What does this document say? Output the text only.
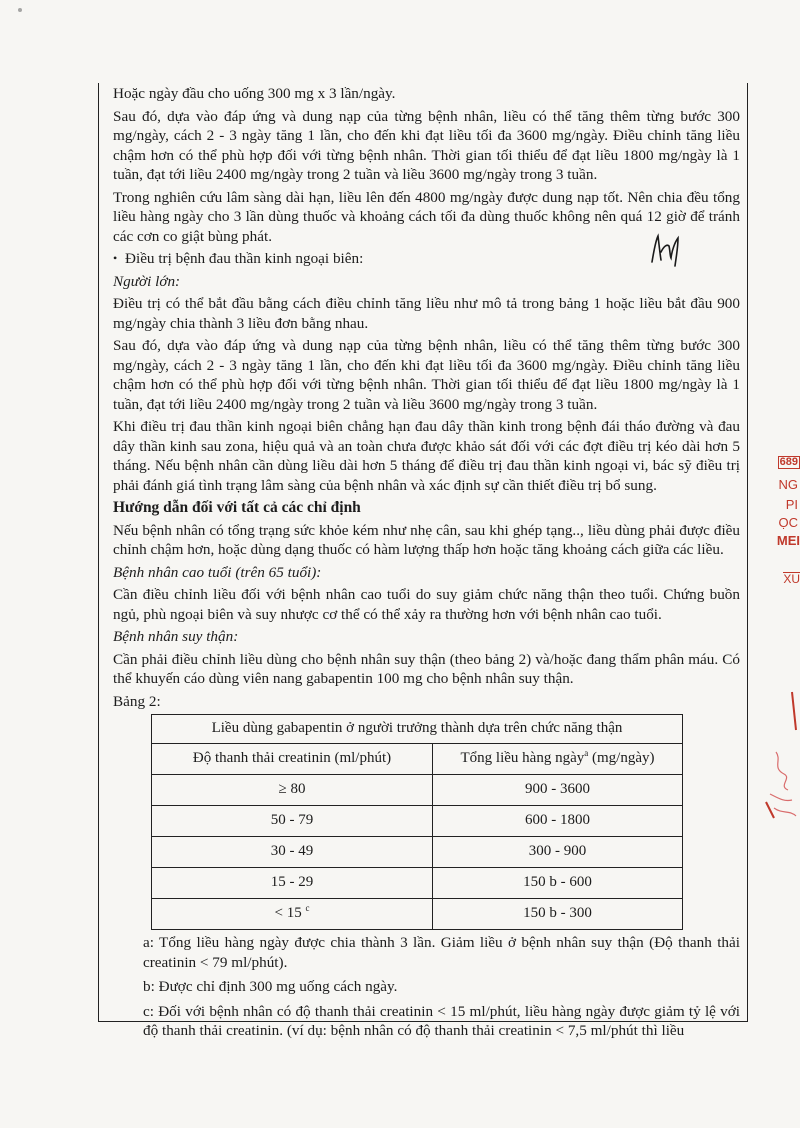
Hoặc ngày đầu cho uống 300 mg x 3 lần/ngày.

Sau đó, dựa vào đáp ứng và dung nạp của từng bệnh nhân, liều có thể tăng thêm từng bước 300 mg/ngày, cách 2 - 3 ngày tăng 1 lần, cho đến khi đạt liều tối đa 3600 mg/ngày. Điều chỉnh tăng liều chậm hơn có thể phù hợp đối với từng bệnh nhân. Thời gian tối thiểu để đạt liều 1800 mg/ngày là 1 tuần, đạt tới liều 2400 mg/ngày trong 2 tuần và liều 3600 mg/ngày trong 3 tuần.

Trong nghiên cứu lâm sàng dài hạn, liều lên đến 4800 mg/ngày được dung nạp tốt. Nên chia đều tổng liều hàng ngày cho 3 lần dùng thuốc và khoảng cách tối đa dùng thuốc không nên quá 12 giờ để tránh các cơn co giật bùng phát.

• Điều trị bệnh đau thần kinh ngoại biên:

Người lớn:

Điều trị có thể bắt đầu bằng cách điều chỉnh tăng liều như mô tả trong bảng 1 hoặc liều bắt đầu 900 mg/ngày chia thành 3 liều đơn bằng nhau.

Sau đó, dựa vào đáp ứng và dung nạp của từng bệnh nhân, liều có thể tăng thêm từng bước 300 mg/ngày, cách 2 - 3 ngày tăng 1 lần, cho đến khi đạt liều tối đa 3600 mg/ngày. Điều chỉnh tăng liều chậm hơn có thể phù hợp đối với từng bệnh nhân. Thời gian tối thiểu để đạt liều 1800 mg/ngày là 1 tuần, đạt tới liều 2400 mg/ngày trong 2 tuần và liều 3600 mg/ngày trong 3 tuần.

Khi điều trị đau thần kinh ngoại biên chẳng hạn đau dây thần kinh trong bệnh đái tháo đường và đau dây thần kinh sau zona, hiệu quả và an toàn chưa được khảo sát đối với các đợt điều trị kéo dài hơn 5 tháng. Nếu bệnh nhân cần dùng liều dài hơn 5 tháng để điều trị đau thần kinh ngoại vi, bác sỹ điều trị phải đánh giá tình trạng lâm sàng của bệnh nhân và xác định sự cần thiết điều trị bổ sung.

Hướng dẫn đối với tất cả các chỉ định

Nếu bệnh nhân có tổng trạng sức khỏe kém như nhẹ cân, sau khi ghép tạng.., liều dùng phải được điều chỉnh chậm hơn, hoặc dùng dạng thuốc có hàm lượng thấp hơn hoặc tăng khoảng cách giữa các liều.

Bệnh nhân cao tuổi (trên 65 tuổi):

Cần điều chỉnh liều đối với bệnh nhân cao tuổi do suy giảm chức năng thận theo tuổi. Chứng buồn ngủ, phù ngoại biên và suy nhược cơ thể có thể xảy ra thường hơn với bệnh nhân cao tuổi.

Bệnh nhân suy thận:

Cần phải điều chỉnh liều dùng cho bệnh nhân suy thận (theo bảng 2) và/hoặc đang thẩm phân máu. Có thể khuyến cáo dùng viên nang gabapentin 100 mg cho bệnh nhân suy thận.

Bảng 2:

Liều dùng gabapentin ở người trưởng thành dựa trên chức năng thận	
Độ thanh thải creatinin (ml/phút)	Tổng liều hàng ngày$^a$ (mg/ngày)
≥ 80	900 - 3600
50 - 79	600 - 1800
30 - 49	300 - 900
15 - 29	150 b - 600
< 15 $^c$	150 b - 300

a: Tổng liều hàng ngày được chia thành 3 lần. Giảm liều ở bệnh nhân suy thận (Độ thanh thải creatinin < 79 ml/phút).

b: Được chỉ định 300 mg uống cách ngày.

c: Đối với bệnh nhân có độ thanh thải creatinin < 15 ml/phút, liều hàng ngày được giảm tỷ lệ với độ thanh thải creatinin. (ví dụ: bệnh nhân có độ thanh thải creatinin < 7,5 ml/phút thì liều

689
NG
PI
ỌC
MEI
XU
